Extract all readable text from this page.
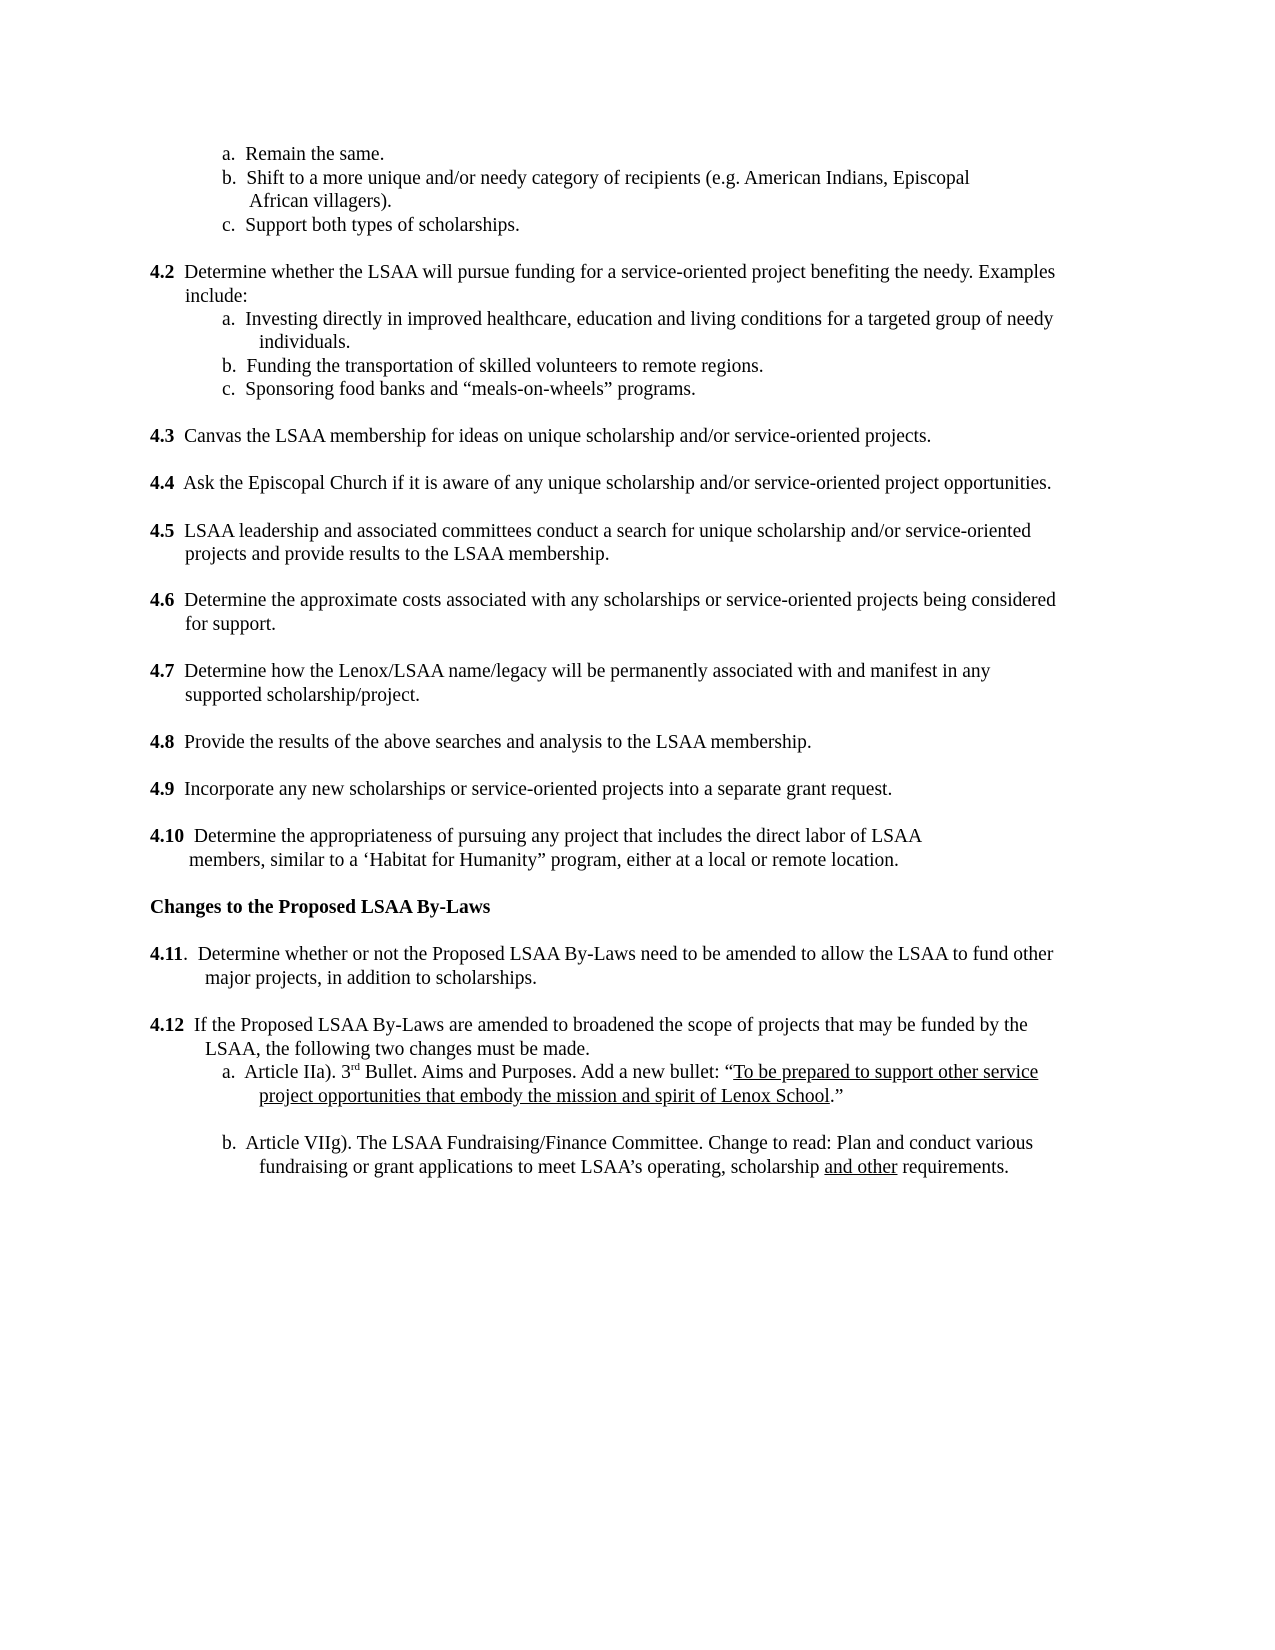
a. Remain the same.
b. Shift to a more unique and/or needy category of recipients (e.g. American Indians, Episcopal
African villagers).
c. Support both types of scholarships.
4.2 Determine whether the LSAA will pursue funding for a service-oriented project benefiting the needy. Examples
include:
a. Investing directly in improved healthcare, education and living conditions for a targeted group of needy
individuals.
b. Funding the transportation of skilled volunteers to remote regions.
c. Sponsoring food banks and “meals-on-wheels” programs.
4.3 Canvas the LSAA membership for ideas on unique scholarship and/or service-oriented projects.
4.4 Ask the Episcopal Church if it is aware of any unique scholarship and/or service-oriented project opportunities.
4.5 LSAA leadership and associated committees conduct a search for unique scholarship and/or service-oriented
projects and provide results to the LSAA membership.
4.6 Determine the approximate costs associated with any scholarships or service-oriented projects being considered
for support.
4.7 Determine how the Lenox/LSAA name/legacy will be permanently associated with and manifest in any
supported scholarship/project.
4.8 Provide the results of the above searches and analysis to the LSAA membership.
4.9 Incorporate any new scholarships or service-oriented projects into a separate grant request.
4.10 Determine the appropriateness of pursuing any project that includes the direct labor of LSAA
members, similar to a ‘Habitat for Humanity” program, either at a local or remote location.
Changes to the Proposed LSAA By-Laws
4.11. Determine whether or not the Proposed LSAA By-Laws need to be amended to allow the LSAA to fund other
major projects, in addition to scholarships.
4.12 If the Proposed LSAA By-Laws are amended to broadened the scope of projects that may be funded by the
LSAA, the following two changes must be made.
a. Article IIa). 3rd Bullet. Aims and Purposes. Add a new bullet: “To be prepared to support other service
project opportunities that embody the mission and spirit of Lenox School.”
b. Article VIIg). The LSAA Fundraising/Finance Committee. Change to read: Plan and conduct various
fundraising or grant applications to meet LSAA’s operating, scholarship and other requirements.
